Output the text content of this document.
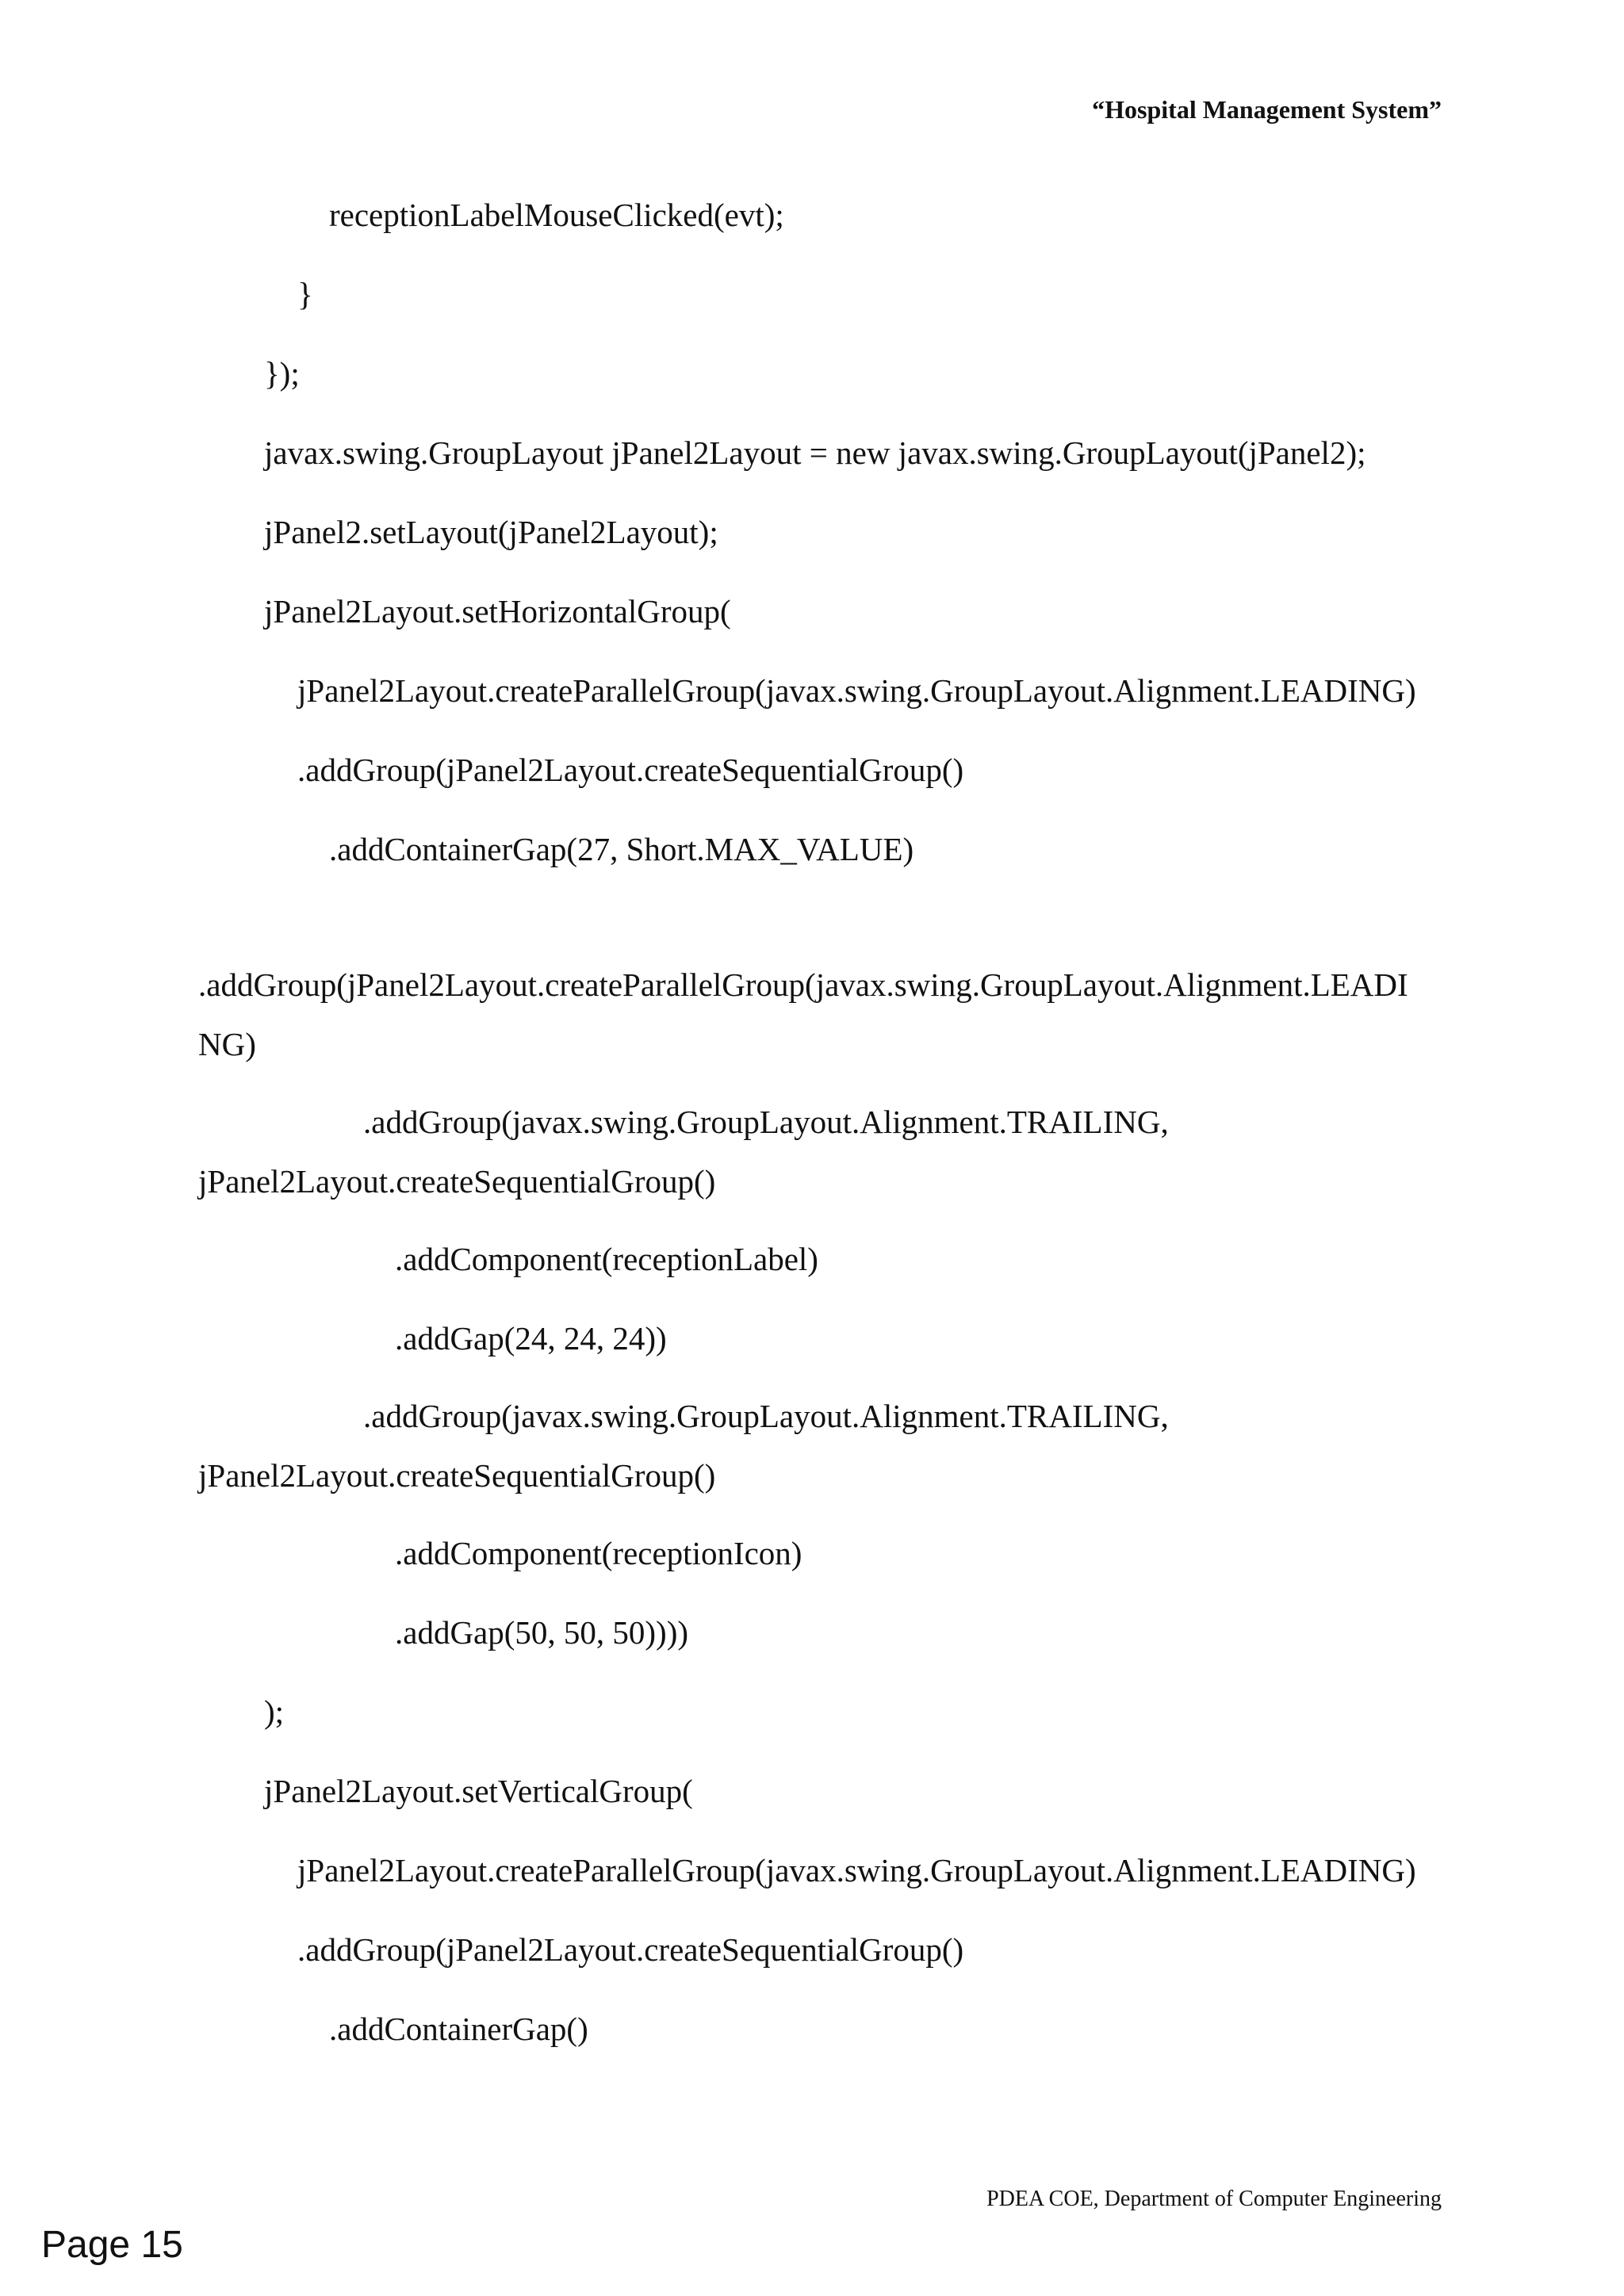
“Hospital Management System”
receptionLabelMouseClicked(evt);
}
});
javax.swing.GroupLayout jPanel2Layout = new javax.swing.GroupLayout(jPanel2);
jPanel2.setLayout(jPanel2Layout);
jPanel2Layout.setHorizontalGroup(
jPanel2Layout.createParallelGroup(javax.swing.GroupLayout.Alignment.LEADING)
.addGroup(jPanel2Layout.createSequentialGroup()
.addContainerGap(27, Short.MAX_VALUE)
.addGroup(jPanel2Layout.createParallelGroup(javax.swing.GroupLayout.Alignment.LEADI
NG)
.addGroup(javax.swing.GroupLayout.Alignment.TRAILING,
jPanel2Layout.createSequentialGroup()
.addComponent(receptionLabel)
.addGap(24, 24, 24))
.addGroup(javax.swing.GroupLayout.Alignment.TRAILING,
jPanel2Layout.createSequentialGroup()
.addComponent(receptionIcon)
.addGap(50, 50, 50))))
);
jPanel2Layout.setVerticalGroup(
jPanel2Layout.createParallelGroup(javax.swing.GroupLayout.Alignment.LEADING)
.addGroup(jPanel2Layout.createSequentialGroup()
.addContainerGap()
PDEA COE, Department of Computer Engineering
Page 15
